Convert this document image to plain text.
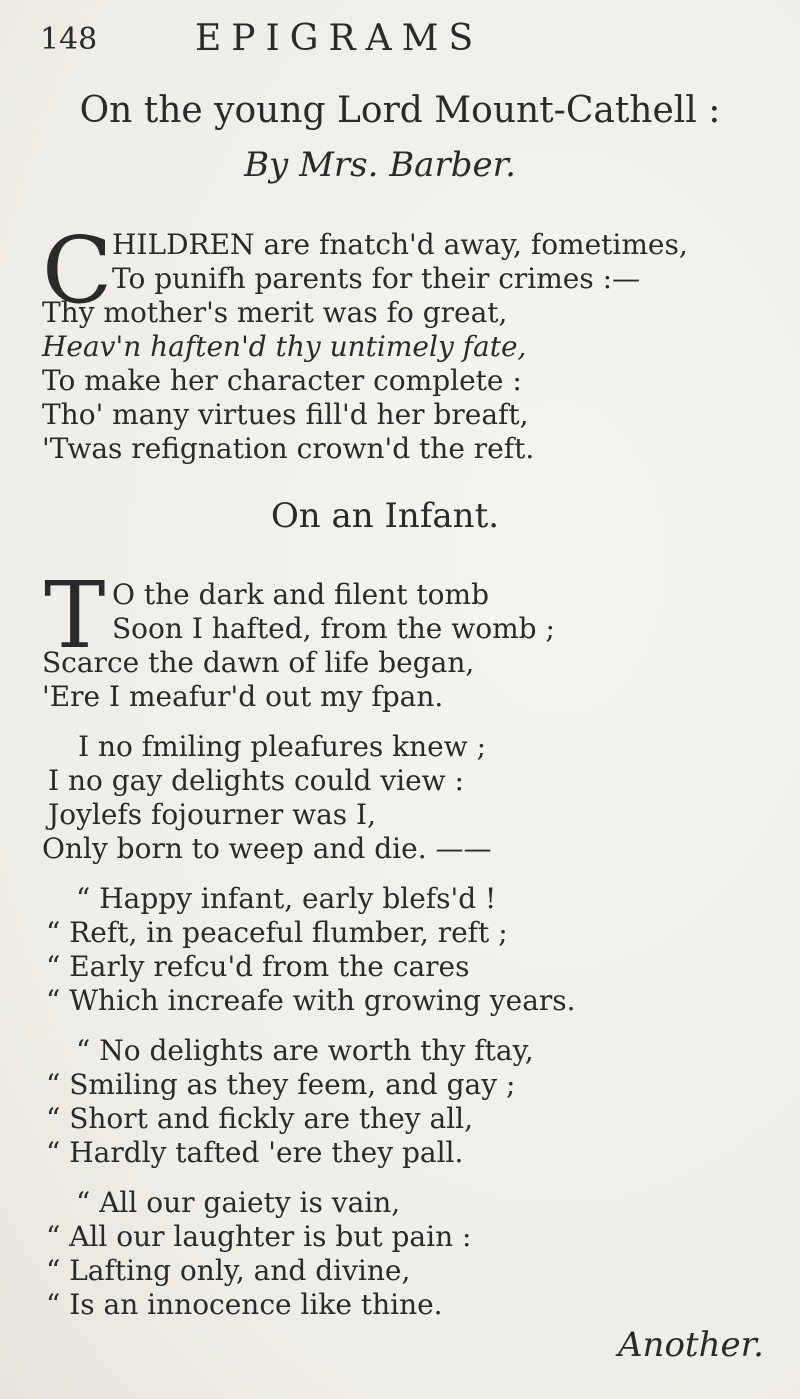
148	EPIGRAMS
On the young Lord Mount-Cathell :
By Mrs. Barber.
C HILDREN are fnatch'd away, fometimes,
To punifh parents for their crimes :—
Thy mother's merit was fo great,
Heav'n haften'd thy untimely fate,
To make her character complete :
Tho' many virtues fill'd her breaft,
'Twas refignation crown'd the reft.
On an Infant.
T O the dark and filent tomb
Soon I hafted, from the womb ;
Scarce the dawn of life began,
'Ere I meafur'd out my fpan.
I no fmiling pleafures knew ;
I no gay delights could view :
Joylefs fojourner was I,
Only born to weep and die. ——
“ Happy infant, early blefs'd !
“ Reft, in peaceful flumber, reft ;
“ Early refcu'd from the cares
“ Which increafe with growing years.
“ No delights are worth thy ftay,
“ Smiling as they feem, and gay ;
“ Short and fickly are they all,
“ Hardly tafted 'ere they pall.
“ All our gaiety is vain,
“ All our laughter is but pain :
“ Lafting only, and divine,
“ Is an innocence like thine.
Another.
